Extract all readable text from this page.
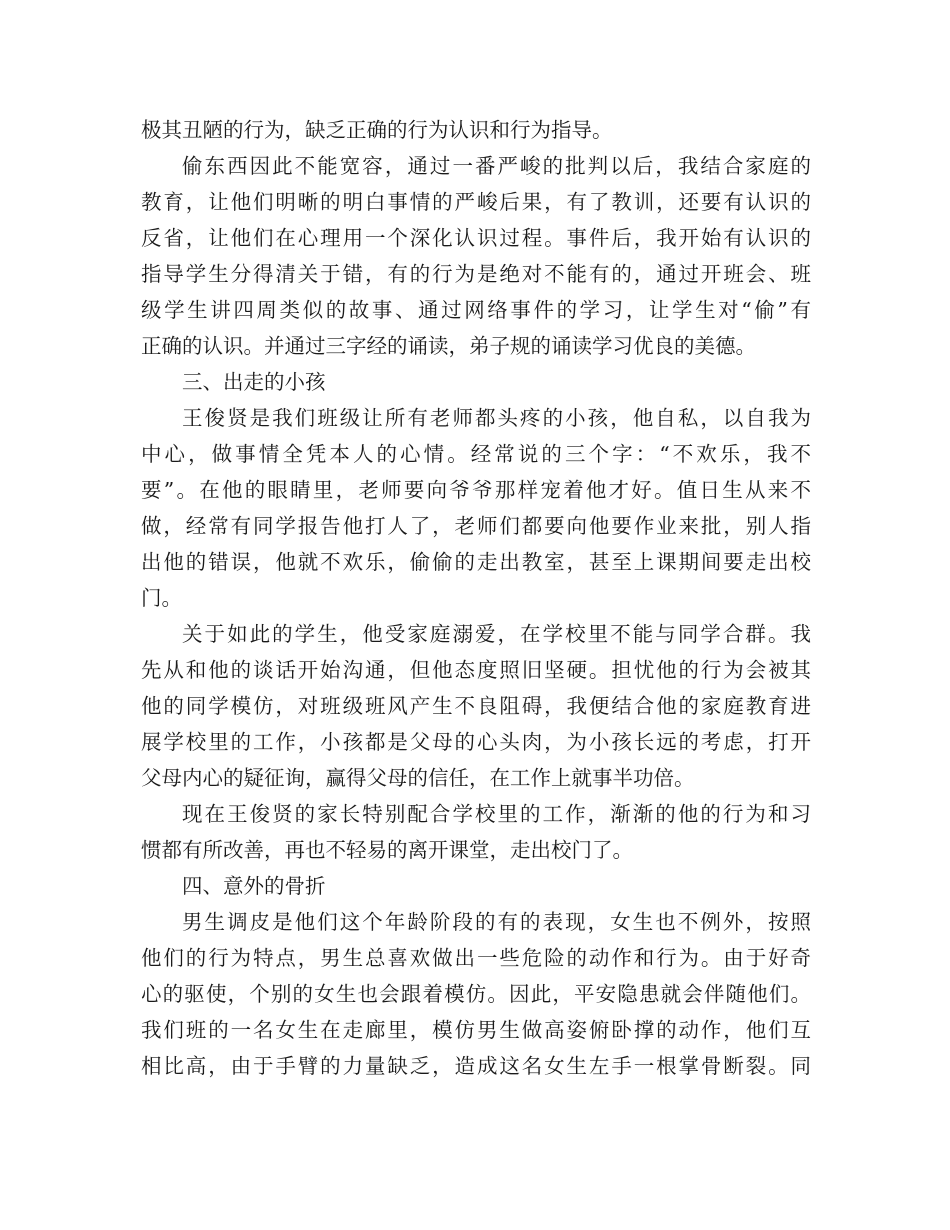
极其丑陋的行为，缺乏正确的行为认识和行为指导。
偷东西因此不能宽容，通过一番严峻的批判以后，我结合家庭的
教育，让他们明晰的明白事情的严峻后果，有了教训，还要有认识的
反省，让他们在心理用一个深化认识过程。事件后，我开始有认识的
指导学生分得清关于错，有的行为是绝对不能有的，通过开班会、班
级学生讲四周类似的故事、通过网络事件的学习，让学生对“偷”有
正确的认识。并通过三字经的诵读，弟子规的诵读学习优良的美德。
三、出走的小孩
王俊贤是我们班级让所有老师都头疼的小孩，他自私，以自我为
中心，做事情全凭本人的心情。经常说的三个字：“不欢乐，我不
要”。在他的眼睛里，老师要向爷爷那样宠着他才好。值日生从来不
做，经常有同学报告他打人了，老师们都要向他要作业来批，别人指
出他的错误，他就不欢乐，偷偷的走出教室，甚至上课期间要走出校
门。
关于如此的学生，他受家庭溺爱，在学校里不能与同学合群。我
先从和他的谈话开始沟通，但他态度照旧坚硬。担忧他的行为会被其
他的同学模仿，对班级班风产生不良阻碍，我便结合他的家庭教育进
展学校里的工作，小孩都是父母的心头肉，为小孩长远的考虑，打开
父母内心的疑征询，赢得父母的信任，在工作上就事半功倍。
现在王俊贤的家长特别配合学校里的工作，渐渐的他的行为和习
惯都有所改善，再也不轻易的离开课堂，走出校门了。
四、意外的骨折
男生调皮是他们这个年龄阶段的有的表现，女生也不例外，按照
他们的行为特点，男生总喜欢做出一些危险的动作和行为。由于好奇
心的驱使，个别的女生也会跟着模仿。因此，平安隐患就会伴随他们。
我们班的一名女生在走廊里，模仿男生做高姿俯卧撑的动作，他们互
相比高，由于手臂的力量缺乏，造成这名女生左手一根掌骨断裂。同
